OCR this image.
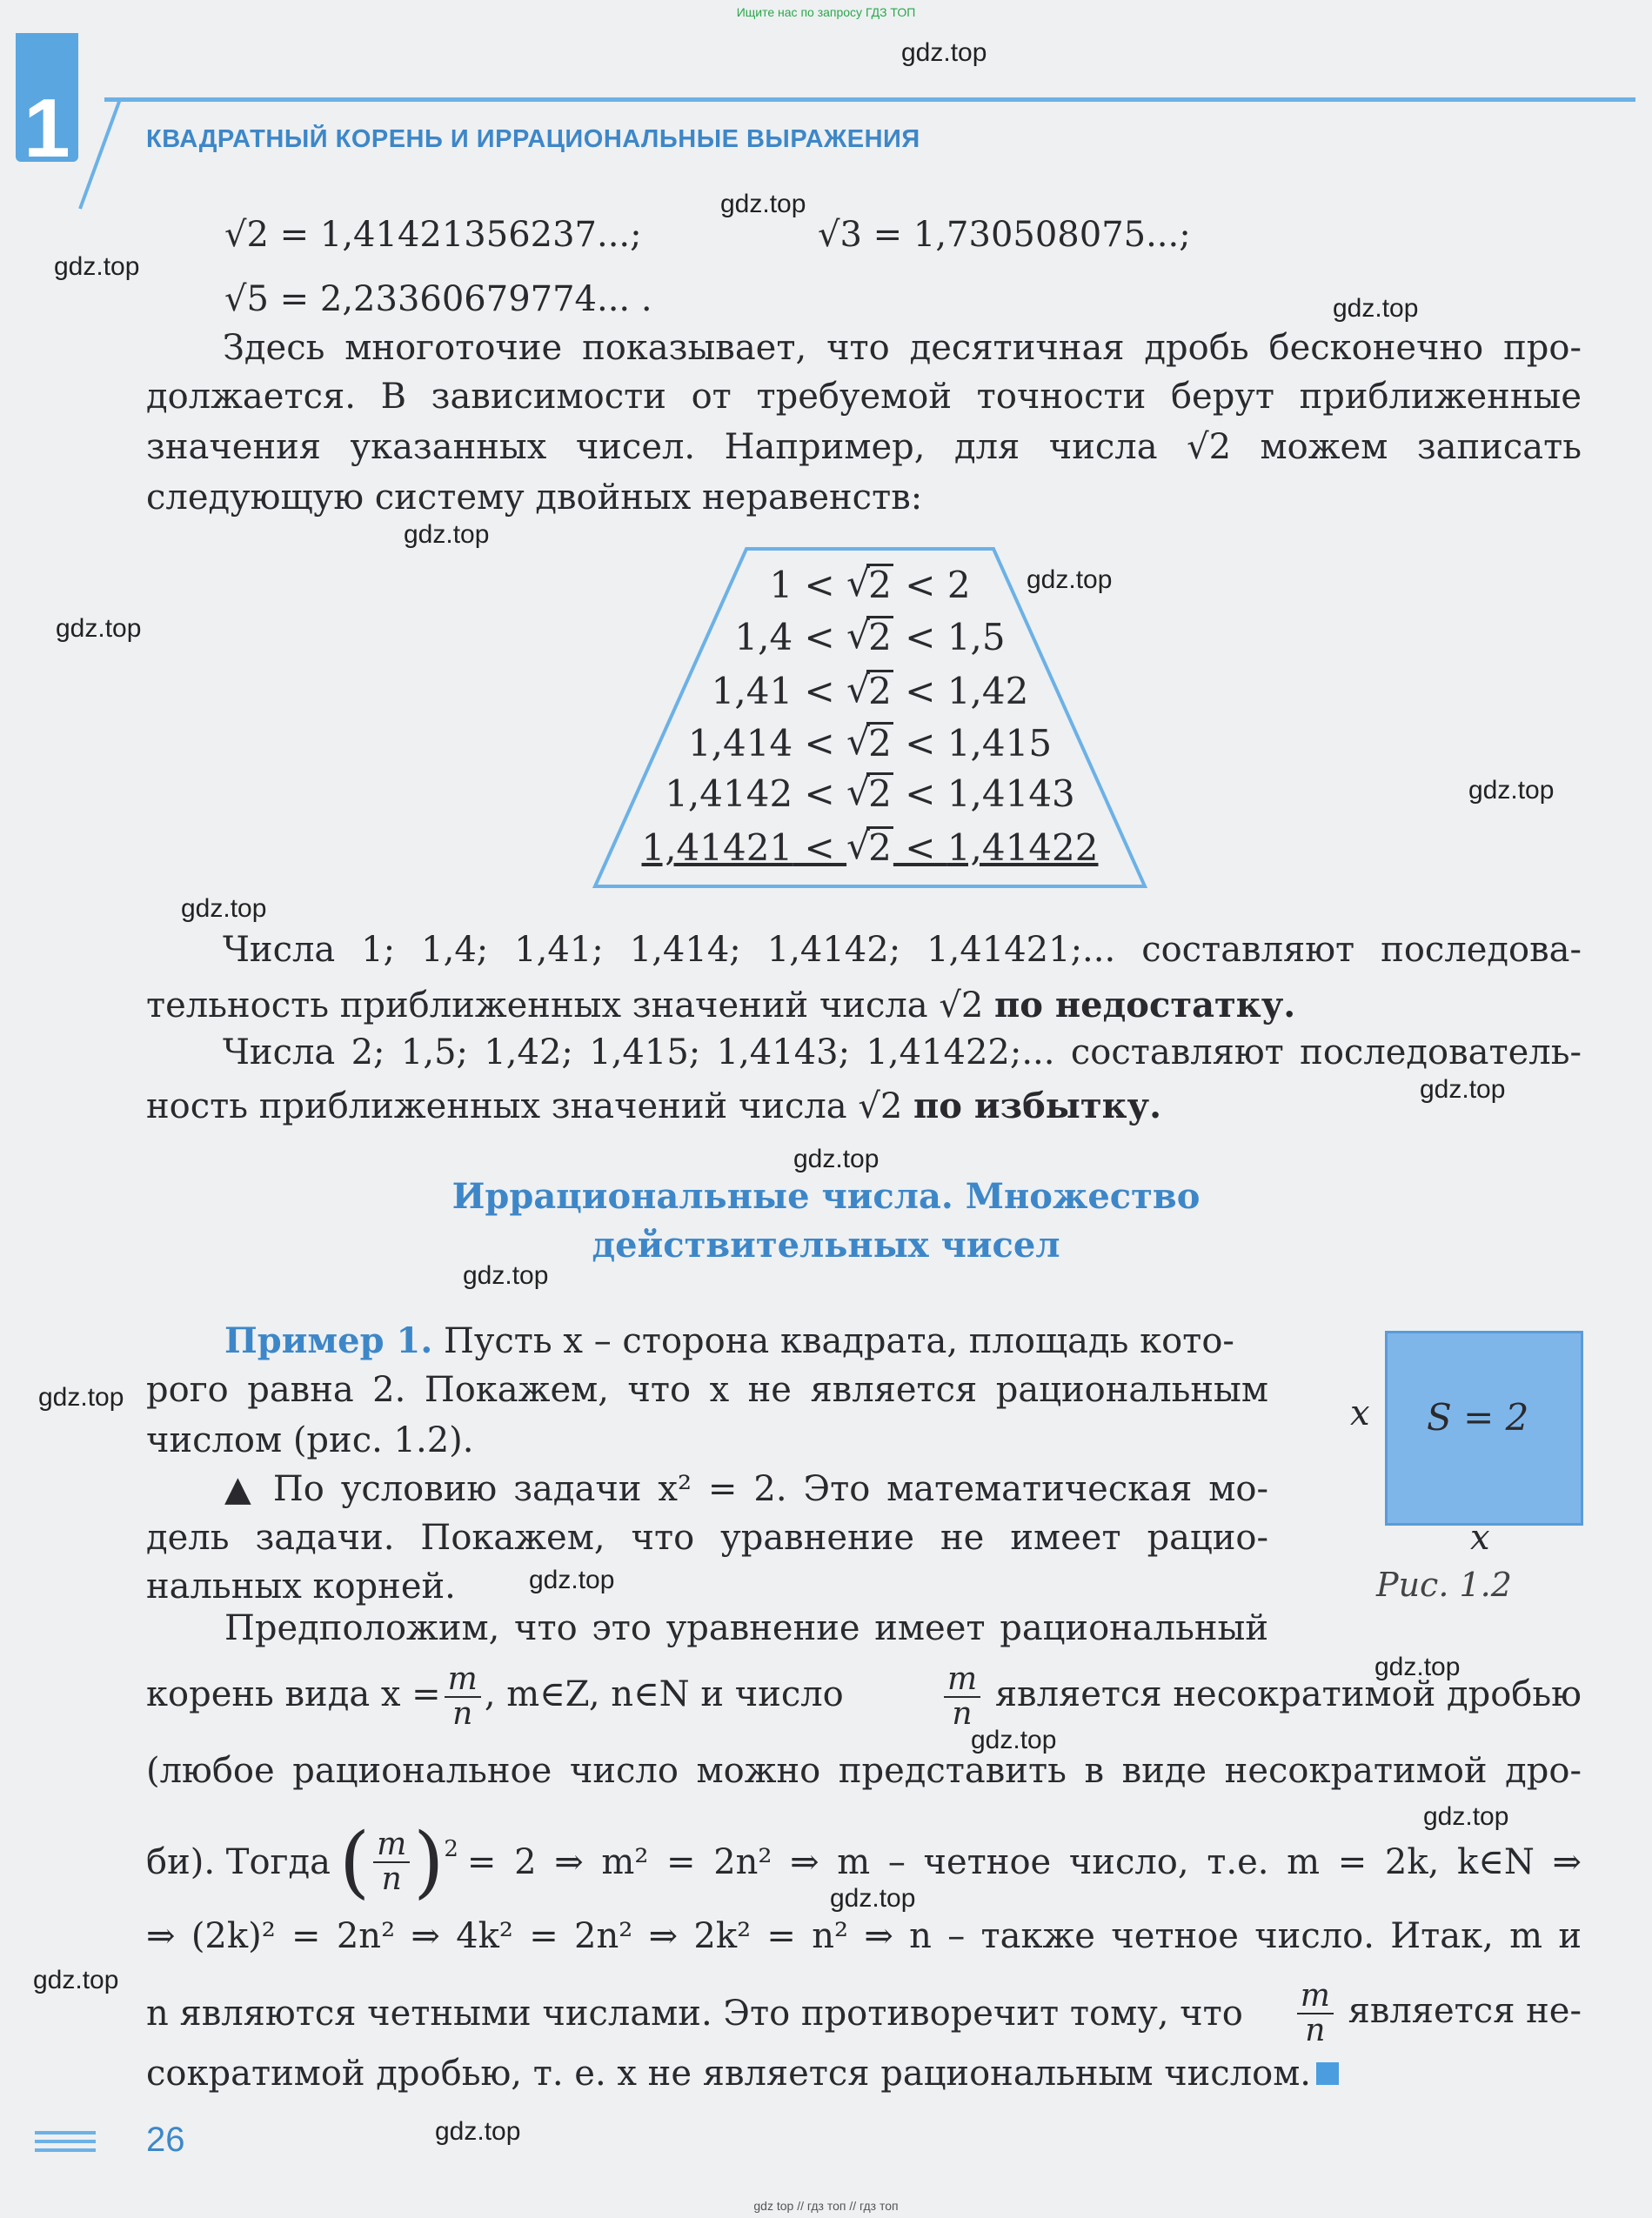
Ищите нас по запросу ГДЗ ТОП
1	КВАДРАТНЫЙ КОРЕНЬ И ИРРАЦИОНАЛЬНЫЕ ВЫРАЖЕНИЯ
√2 = 1,41421356237...;	√3 = 1,730508075...;
√5 = 2,23360679774... .
Здесь многоточие показывает, что десятичная дробь бесконечно про-
должается. В зависимости от требуемой точности берут приближенные
значения указанных чисел. Например, для числа √2 можем записать
следующую систему двойных неравенств:
1 < √ 2 < 2
1,4 < √ 2 < 1,5
1,41 < √ 2 < 1,42
1,414 < √ 2 < 1,415
1,4142 < √ 2 < 1,4143
1,41421 < √ 2 < 1,41422
Числа 1; 1,4; 1,41; 1,414; 1,4142; 1,41421;... составляют последова-
тельность приближенных значений числа √2 по недостатку.
Числа 2; 1,5; 1,42; 1,415; 1,4143; 1,41422;... составляют последователь-
ность приближенных значений числа √2 по избытку.
Иррациональные числа. Множество
действительных чисел
Пример 1. Пусть x – сторона квадрата, площадь кото-
рого равна 2. Покажем, что x не является рациональным
числом (рис. 1.2).
▲ По условию задачи x² = 2. Это математическая мо-
дель задачи. Покажем, что уравнение не имеет рацио-
нальных корней.
S = 2
x
x
Рис. 1.2
Предположим, что это уравнение имеет рациональный
корень вида $x = \frac{m}{n}$ , m∈Z, n∈N и число	$\frac{m}{n}$ является несократимой дробью
(любое рациональное число можно представить в виде несократимой дро-
би). Тогда ( $\frac{m}{n} )^2 = 2$ ⇒ m² = 2n² ⇒ m – четное число, т.е. m = 2k, k∈N ⇒
⇒ (2k)² = 2n² ⇒ 4k² = 2n² ⇒ 2k² = n² ⇒ n – также четное число. Итак, m и
n являются четными числами. Это противоречит тому, что $\frac{m}{n}$ является не-
сократимой дробью, т. е. x не является рациональным числом.
26
gdz.top
gdz.top
gdz.top
gdz.top
gdz.top
gdz.top
gdz.top
gdz.top
gdz.top
gdz.top
gdz.top
gdz.top
gdz.top
gdz.top
gdz.top
gdz.top
gdz.top
gdz.top
gdz.top
gdz.top
gdz top // гдз топ // гдз топ
